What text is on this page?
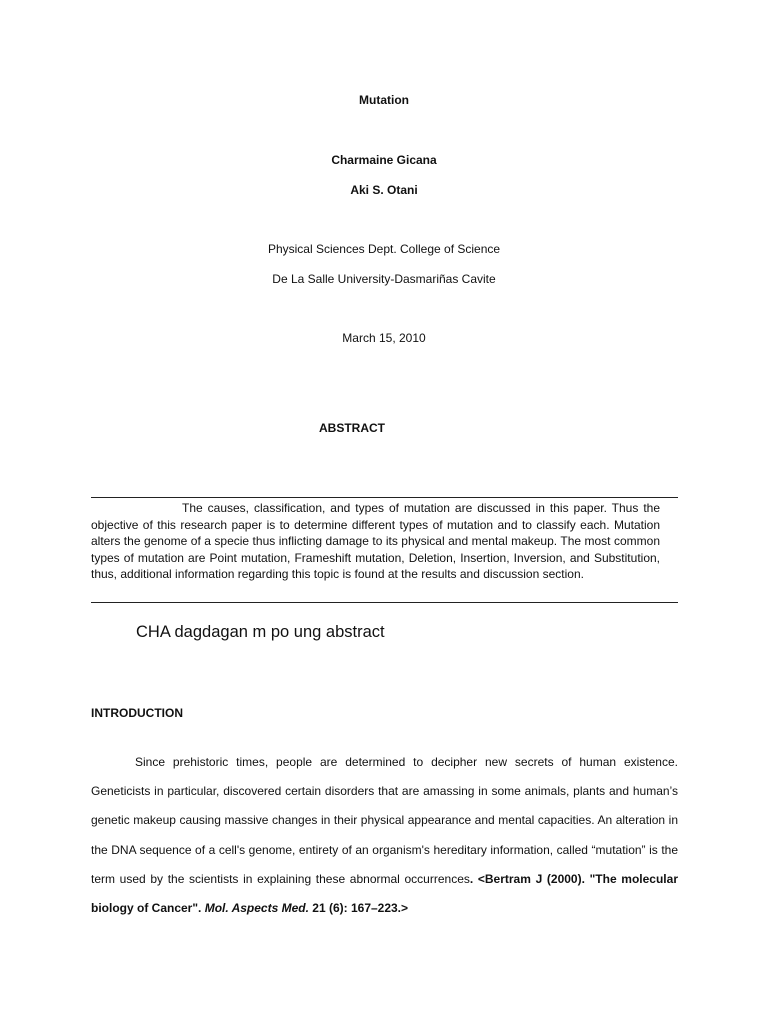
Mutation
Charmaine Gicana
Aki S. Otani
Physical Sciences Dept. College of Science
De La Salle University-Dasmariñas Cavite
March 15, 2010
ABSTRACT
The causes, classification, and types of mutation are discussed in this paper. Thus the objective of this research paper is to determine different types of mutation and to classify each. Mutation alters the genome of a specie thus inflicting damage to its physical and mental makeup. The most common types of mutation are Point mutation, Frameshift mutation, Deletion, Insertion, Inversion, and Substitution, thus, additional information regarding this topic is found at the results and discussion section.
CHA dagdagan m po ung abstract
INTRODUCTION

Since prehistoric times, people are determined to decipher new secrets of human existence. Geneticists in particular, discovered certain disorders that are amassing in some animals, plants and human’s genetic makeup causing massive changes in their physical appearance and mental capacities. An alteration in the DNA sequence of a cell's genome, entirety of an organism's hereditary information, called “mutation” is the term used by the scientists in explaining these abnormal occurrences. <Bertram J (2000). "The molecular biology of Cancer". Mol. Aspects Med. 21 (6): 167–223.>
